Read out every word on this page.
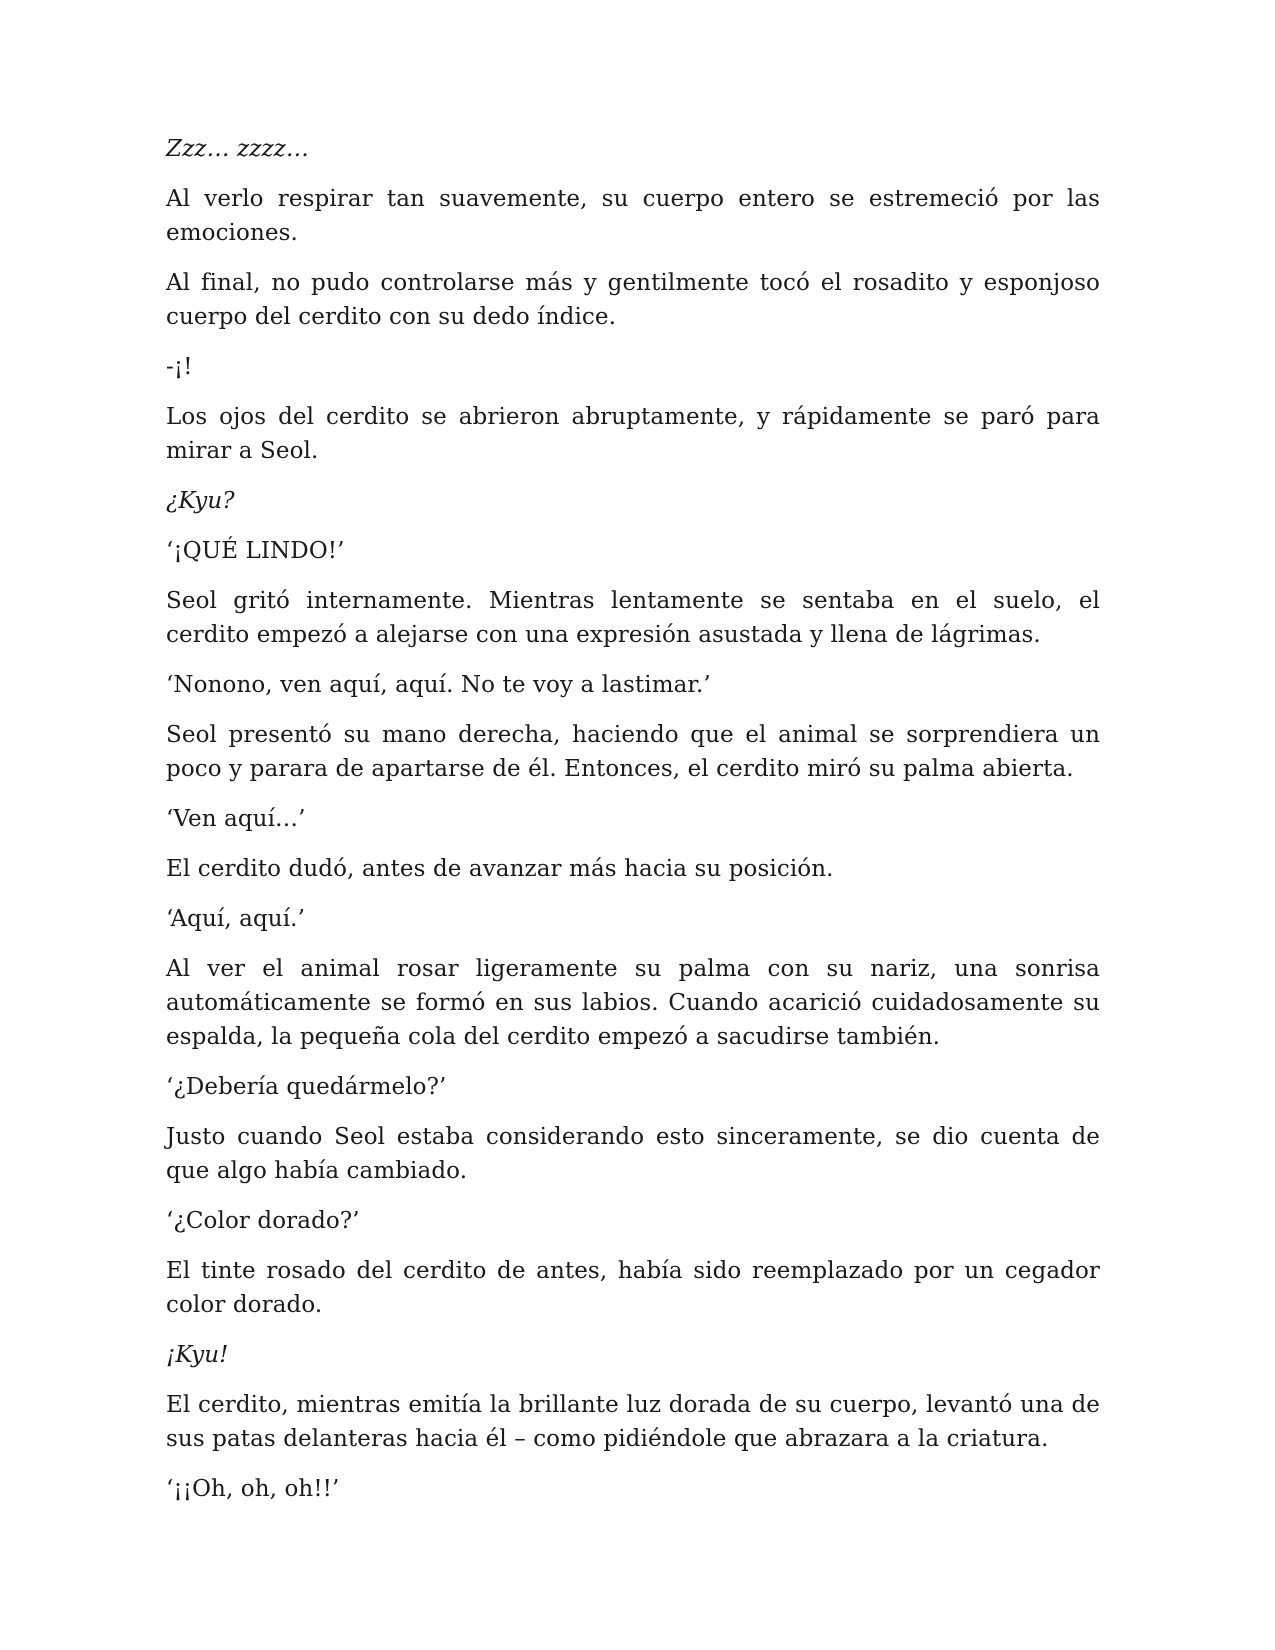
Zzz… zzzz…

Al verlo respirar tan suavemente, su cuerpo entero se estremeció por las emociones.

Al final, no pudo controlarse más y gentilmente tocó el rosadito y esponjoso cuerpo del cerdito con su dedo índice.

-¡!

Los ojos del cerdito se abrieron abruptamente, y rápidamente se paró para mirar a Seol.

¿Kyu?

‘¡QUÉ LINDO!’

Seol gritó internamente. Mientras lentamente se sentaba en el suelo, el cerdito empezó a alejarse con una expresión asustada y llena de lágrimas.

‘Nonono, ven aquí, aquí. No te voy a lastimar.’

Seol presentó su mano derecha, haciendo que el animal se sorprendiera un poco y parara de apartarse de él. Entonces, el cerdito miró su palma abierta.

‘Ven aquí…’

El cerdito dudó, antes de avanzar más hacia su posición.

‘Aquí, aquí.’

Al ver el animal rosar ligeramente su palma con su nariz, una sonrisa automáticamente se formó en sus labios. Cuando acarició cuidadosamente su espalda, la pequeña cola del cerdito empezó a sacudirse también.

‘¿Debería quedármelo?’

Justo cuando Seol estaba considerando esto sinceramente, se dio cuenta de que algo había cambiado.

‘¿Color dorado?’

El tinte rosado del cerdito de antes, había sido reemplazado por un cegador color dorado.

¡Kyu!

El cerdito, mientras emitía la brillante luz dorada de su cuerpo, levantó una de sus patas delanteras hacia él – como pidiéndole que abrazara a la criatura.

‘¡¡Oh, oh, oh!!’
